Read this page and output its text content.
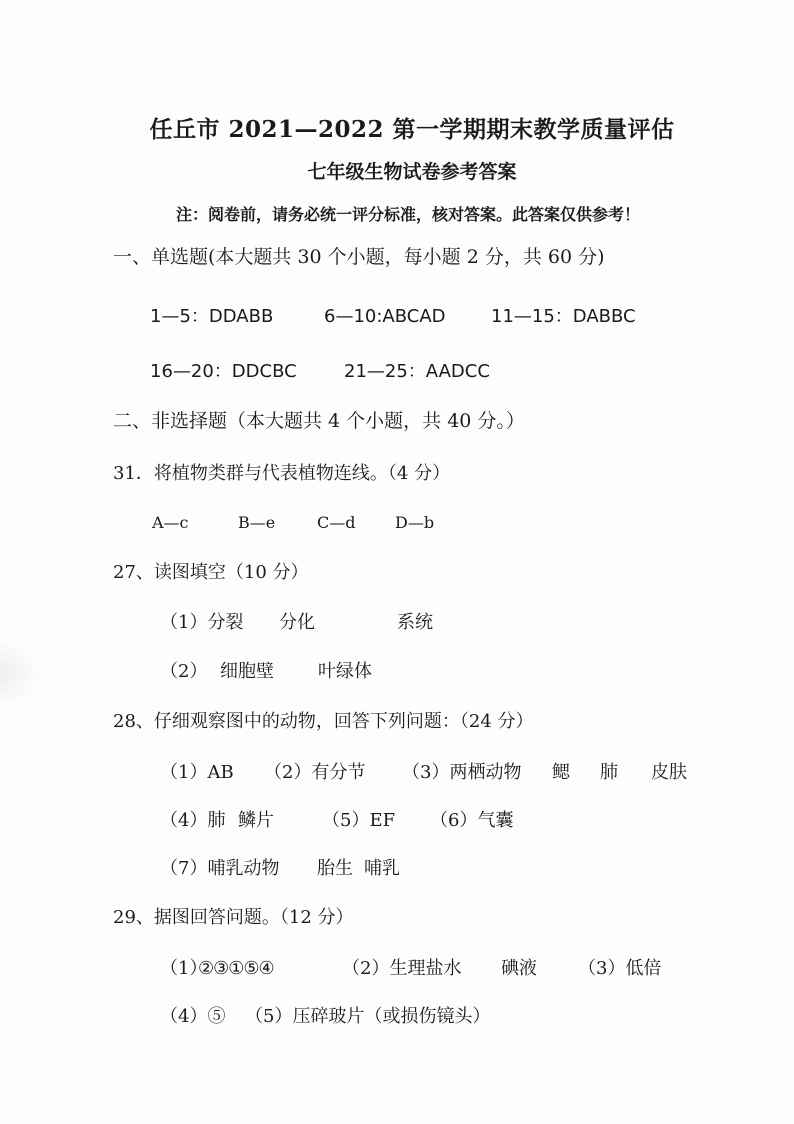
任丘市 2021—2022 第一学期期末教学质量评估
七年级生物试卷参考答案
注：阅卷前，请务必统一评分标准，核对答案。此答案仅供参考！
一、单选题(本大题共 30 个小题，每小题 2 分，共 60 分)
1—5：DDABB	6—10:ABCAD	11—15：DABBC
16—20：DDCBC	21—25：AADCC
二、非选择题（本大题共 4 个小题，共 40 分。）
31．将植物类群与代表植物连线。（4 分）
A—c	B—e	C—d D—b
27、读图填空（10 分）
（1）分裂 分化	系统
（2） 细胞壁 叶绿体
28、仔细观察图中的动物，回答下列问题：（24 分）
（1）AB （2）有分节 （3）两栖动物 鳃 肺 皮肤
（4）肺 鳞片	（5）EF （6）气囊
（7）哺乳动物 胎生 哺乳
29、据图回答问题。（12 分）
（1）
②③①⑤④	（2）生理盐水 碘液 （3）低倍
（4）⑤ （5）压碎玻片（或损伤镜头）
